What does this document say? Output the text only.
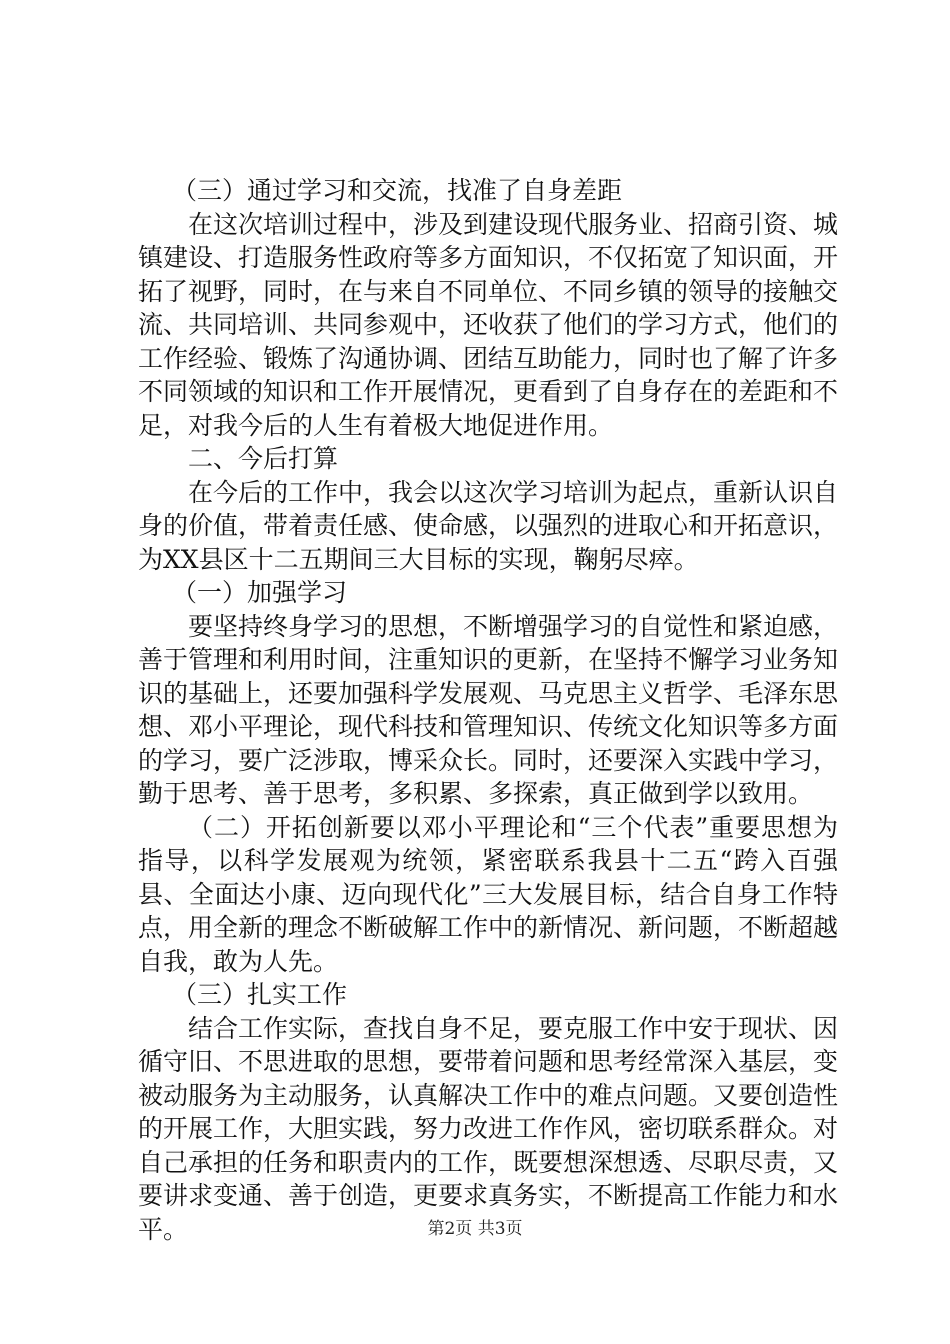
（三）通过学习和交流，找准了自身差距

在这次培训过程中，涉及到建设现代服务业、招商引资、城镇建设、打造服务性政府等多方面知识，不仅拓宽了知识面，开拓了视野，同时，在与来自不同单位、不同乡镇的领导的接触交流、共同培训、共同参观中，还收获了他们的学习方式，他们的工作经验、锻炼了沟通协调、团结互助能力，同时也了解了许多不同领域的知识和工作开展情况，更看到了自身存在的差距和不足，对我今后的人生有着极大地促进作用。

二、今后打算

在今后的工作中，我会以这次学习培训为起点，重新认识自身的价值，带着责任感、使命感，以强烈的进取心和开拓意识，为XX县区十二五期间三大目标的实现，鞠躬尽瘁。

（一）加强学习

要坚持终身学习的思想，不断增强学习的自觉性和紧迫感，善于管理和利用时间，注重知识的更新，在坚持不懈学习业务知识的基础上，还要加强科学发展观、马克思主义哲学、毛泽东思想、邓小平理论，现代科技和管理知识、传统文化知识等多方面的学习，要广泛涉取，博采众长。同时，还要深入实践中学习，勤于思考、善于思考，多积累、多探索，真正做到学以致用。

（二）开拓创新要以邓小平理论和“三个代表”重要思想为指导，以科学发展观为统领，紧密联系我县十二五“跨入百强县、全面达小康、迈向现代化”三大发展目标，结合自身工作特点，用全新的理念不断破解工作中的新情况、新问题，不断超越自我，敢为人先。

（三）扎实工作

结合工作实际，查找自身不足，要克服工作中安于现状、因循守旧、不思进取的思想，要带着问题和思考经常深入基层，变被动服务为主动服务，认真解决工作中的难点问题。又要创造性的开展工作，大胆实践，努力改进工作作风，密切联系群众。对自己承担的任务和职责内的工作，既要想深想透、尽职尽责，又要讲求变通、善于创造，更要求真务实，不断提高工作能力和水平。	第2页 共3页
